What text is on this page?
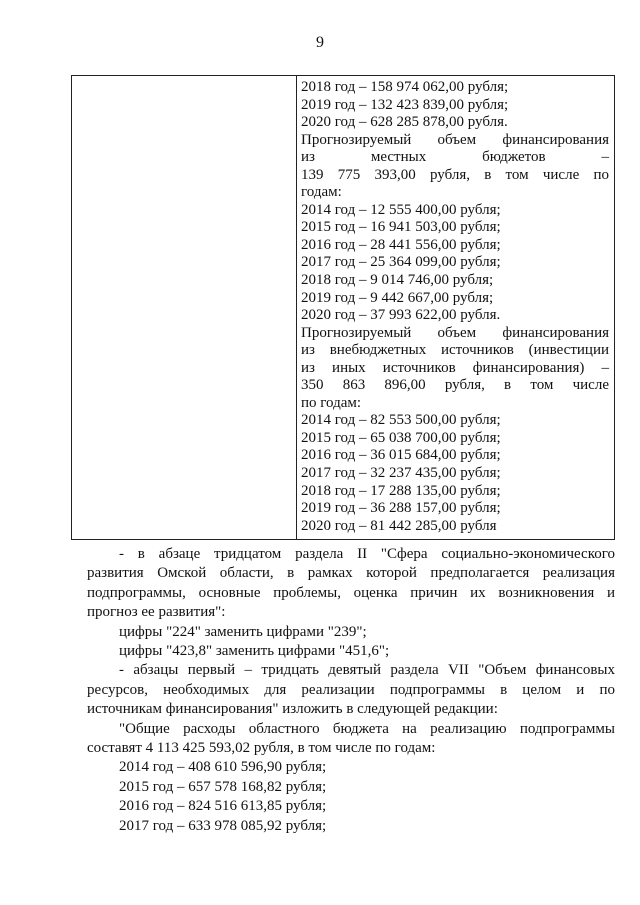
9
2018 год – 158 974 062,00 рубля;
2019 год – 132 423 839,00 рубля;
2020 год – 628 285 878,00 рубля.
Прогнозируемый объем финансирования
из местных бюджетов –
139 775 393,00 рубля, в том числе по
годам:
2014 год – 12 555 400,00 рубля;
2015 год – 16 941 503,00 рубля;
2016 год – 28 441 556,00 рубля;
2017 год – 25 364 099,00 рубля;
2018 год – 9 014 746,00 рубля;
2019 год – 9 442 667,00 рубля;
2020 год – 37 993 622,00 рубля.
Прогнозируемый объем финансирования
из внебюджетных источников (инвестиции
из иных источников финансирования) –
350 863 896,00 рубля, в том числе
по годам:
2014 год – 82 553 500,00 рубля;
2015 год – 65 038 700,00 рубля;
2016 год – 36 015 684,00 рубля;
2017 год – 32 237 435,00 рубля;
2018 год – 17 288 135,00 рубля;
2019 год – 36 288 157,00 рубля;
2020 год – 81 442 285,00 рубля
- в абзаце тридцатом раздела II "Сфера социально-экономического
развития Омской области, в рамках которой предполагается реализация
подпрограммы, основные проблемы, оценка причин их возникновения и
прогноз ее развития":
цифры "224" заменить цифрами "239";
цифры "423,8" заменить цифрами "451,6";
- абзацы первый – тридцать девятый раздела VII "Объем финансовых
ресурсов, необходимых для реализации подпрограммы в целом и по
источникам финансирования" изложить в следующей редакции:
"Общие расходы областного бюджета на реализацию подпрограммы
составят 4 113 425 593,02 рубля, в том числе по годам:
2014 год – 408 610 596,90 рубля;
2015 год – 657 578 168,82 рубля;
2016 год – 824 516 613,85 рубля;
2017 год – 633 978 085,92 рубля;
